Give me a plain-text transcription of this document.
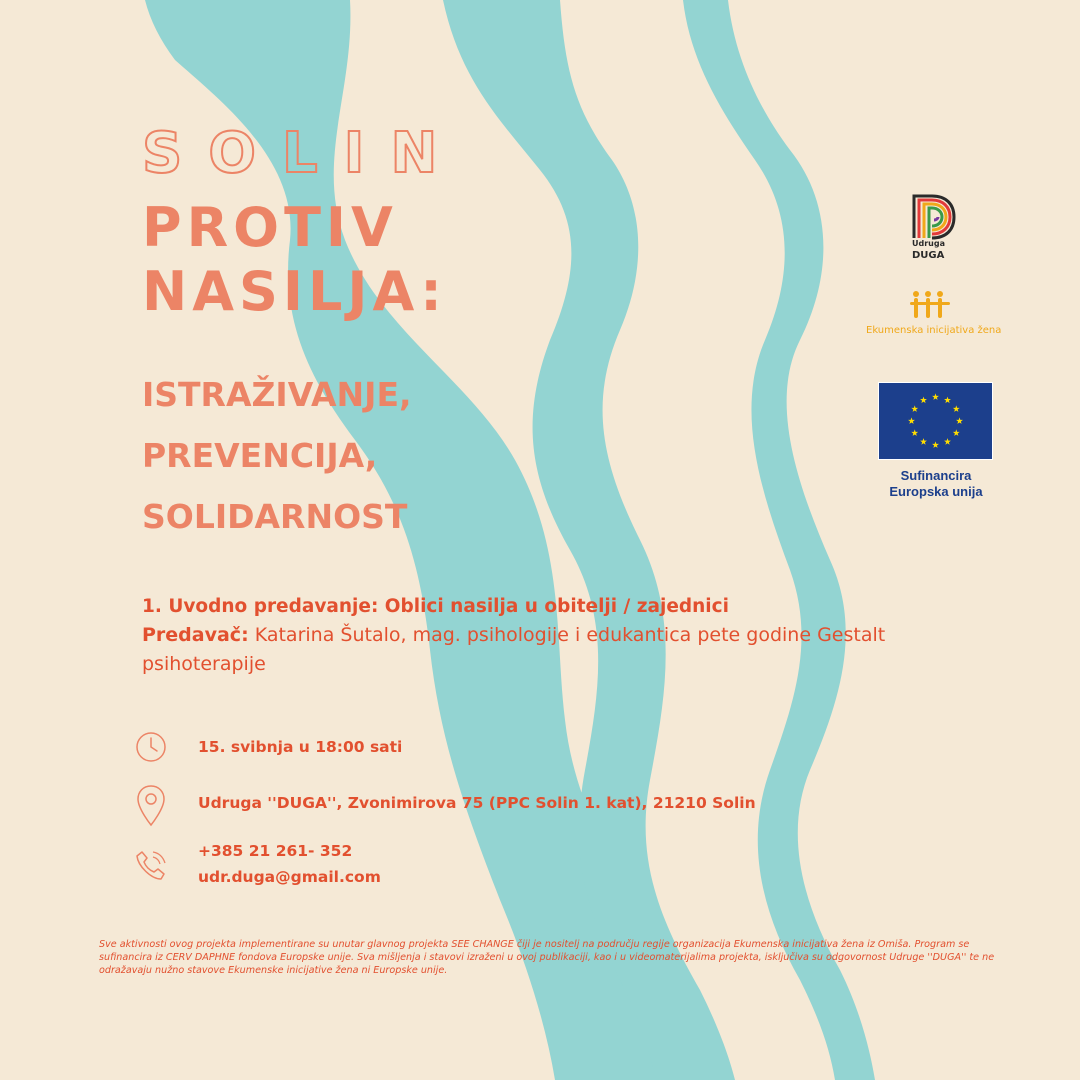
SOLIN
PROTIV
NASILJA:
ISTRAŽIVANJE,
PREVENCIJA,
SOLIDARNOST
1. Uvodno predavanje: Oblici nasilja u obitelji / zajednici
Predavač: Katarina Šutalo, mag. psihologije i edukantica pete godine Gestalt psihoterapije
15. svibnja u 18:00 sati
Udruga ''DUGA'', Zvonimirova 75 (PPC Solin 1. kat), 21210 Solin
+385 21 261- 352
udr.duga@gmail.com
Sve aktivnosti ovog projekta implementirane su unutar glavnog projekta SEE CHANGE čiji je nositelj na području regije organizacija Ekumenska inicijativa žena iz Omiša. Program se sufinancira iz CERV DAPHNE fondova Europske unije. Sva mišljenja i stavovi izraženi u ovoj publikaciji, kao i u videomaterijalima projekta, isključiva su odgovornost Udruge ''DUGA'' te ne odražavaju nužno stavove Ekumenske inicijative žena ni Europske unije.
Udruga
DUGA
Ekumenska inicijativa žena
Sufinancira
Europska unija
